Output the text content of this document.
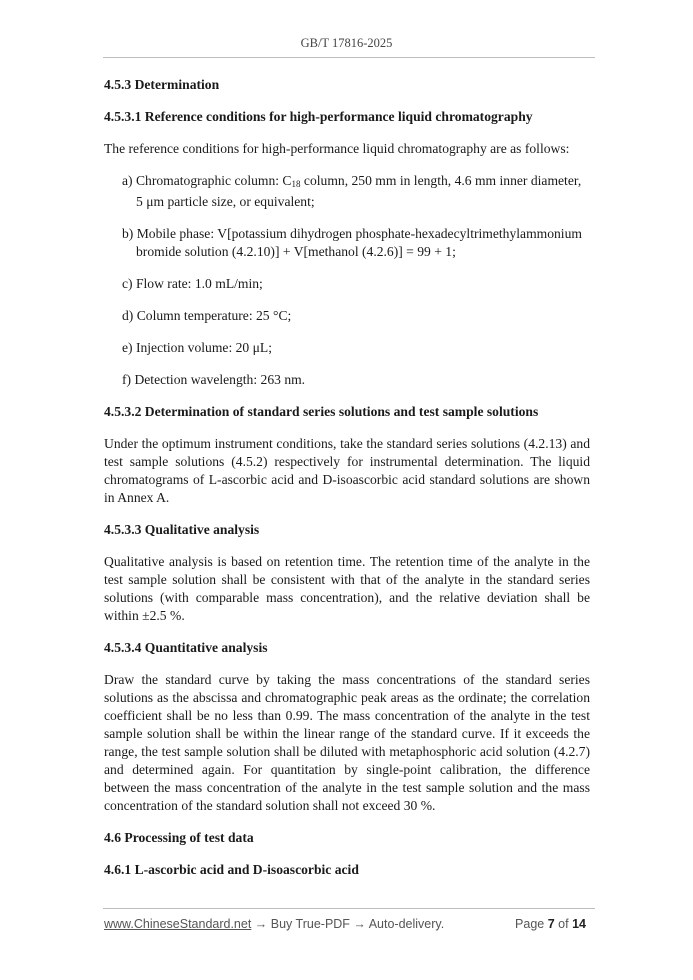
GB/T 17816-2025
4.5.3 Determination
4.5.3.1 Reference conditions for high-performance liquid chromatography

The reference conditions for high-performance liquid chromatography are as follows:

a) Chromatographic column: $C_{18}$ column, 250 mm in length, 4.6 mm inner diameter, 5 μm particle size, or equivalent;
b) Mobile phase: V[potassium dihydrogen phosphate-hexadecyltrimethylammonium bromide solution (4.2.10)] + V[methanol (4.2.6)] = 99 + 1;
c) Flow rate: 1.0 mL/min;
d) Column temperature: 25 °C;
e) Injection volume: 20 μL;
f) Detection wavelength: 263 nm.
4.5.3.2 Determination of standard series solutions and test sample solutions

Under the optimum instrument conditions, take the standard series solutions (4.2.13) and test sample solutions (4.5.2) respectively for instrumental determination. The liquid chromatograms of L-ascorbic acid and D-isoascorbic acid standard solutions are shown in Annex A.

4.5.3.3 Qualitative analysis

Qualitative analysis is based on retention time. The retention time of the analyte in the test sample solution shall be consistent with that of the analyte in the standard series solutions (with comparable mass concentration), and the relative deviation shall be within ±2.5 %.

4.5.3.4 Quantitative analysis

Draw the standard curve by taking the mass concentrations of the standard series solutions as the abscissa and chromatographic peak areas as the ordinate; the correlation coefficient shall be no less than 0.99. The mass concentration of the analyte in the test sample solution shall be within the linear range of the standard curve. If it exceeds the range, the test sample solution shall be diluted with metaphosphoric acid solution (4.2.7) and determined again. For quantitation by single-point calibration, the difference between the mass concentration of the analyte in the test sample solution and the mass concentration of the standard solution shall not exceed 30 %.

4.6 Processing of test data
4.6.1 L-ascorbic acid and D-isoascorbic acid
www.ChineseStandard.net → Buy True-PDF → Auto-delivery.	Page 7 of 14
